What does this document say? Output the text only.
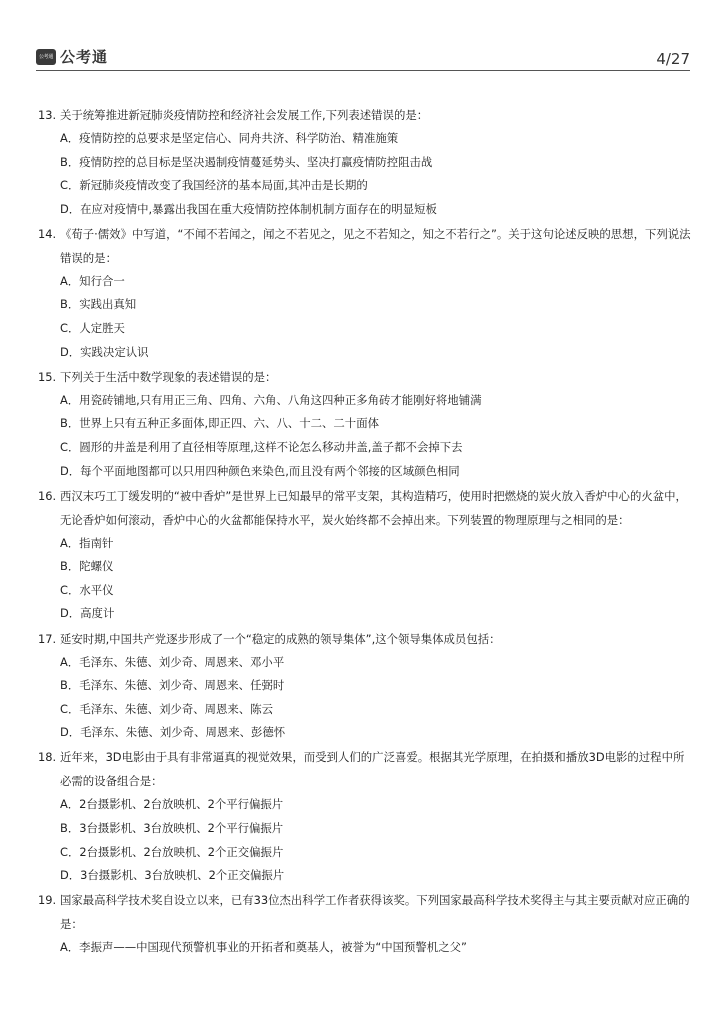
公考通 公考通	4/27
13. 关于统筹推进新冠肺炎疫情防控和经济社会发展工作,下列表述错误的是：
A．疫情防控的总要求是坚定信心、同舟共济、科学防治、精准施策
B．疫情防控的总目标是坚决遏制疫情蔓延势头、坚决打赢疫情防控阻击战
C．新冠肺炎疫情改变了我国经济的基本局面,其冲击是长期的
D．在应对疫情中,暴露出我国在重大疫情防控体制机制方面存在的明显短板
14. 《荀子·儒效》中写道，“不闻不若闻之，闻之不若见之，见之不若知之，知之不若行之”。关于这句论述反映的思想，下列说法错误的是：
A．知行合一
B．实践出真知
C．人定胜天
D．实践决定认识
15. 下列关于生活中数学现象的表述错误的是：
A．用瓷砖铺地,只有用正三角、四角、六角、八角这四种正多角砖才能刚好将地铺满
B．世界上只有五种正多面体,即正四、六、八、十二、二十面体
C．圆形的井盖是利用了直径相等原理,这样不论怎么移动井盖,盖子都不会掉下去
D．每个平面地图都可以只用四种颜色来染色,而且没有两个邻接的区域颜色相同
16. 西汉末巧工丁缓发明的“被中香炉”是世界上已知最早的常平支架，其构造精巧，使用时把燃烧的炭火放入香炉中心的火盆中，无论香炉如何滚动，香炉中心的火盆都能保持水平，炭火始终都不会掉出来。下列装置的物理原理与之相同的是：
A．指南针
B．陀螺仪
C．水平仪
D．高度计
17. 延安时期,中国共产党逐步形成了一个“稳定的成熟的领导集体”,这个领导集体成员包括：
A．毛泽东、朱德、刘少奇、周恩来、邓小平
B．毛泽东、朱德、刘少奇、周恩来、任弼时
C．毛泽东、朱德、刘少奇、周恩来、陈云
D．毛泽东、朱德、刘少奇、周恩来、彭德怀
18. 近年来，3D电影由于具有非常逼真的视觉效果，而受到人们的广泛喜爱。根据其光学原理，在拍摄和播放3D电影的过程中所必需的设备组合是：
A．2台摄影机、2台放映机、2个平行偏振片
B．3台摄影机、3台放映机、2个平行偏振片
C．2台摄影机、2台放映机、2个正交偏振片
D．3台摄影机、3台放映机、2个正交偏振片
19. 国家最高科学技术奖自设立以来，已有33位杰出科学工作者获得该奖。下列国家最高科学技术奖得主与其主要贡献对应正确的是：
A．李振声——中国现代预警机事业的开拓者和奠基人，被誉为“中国预警机之父”
